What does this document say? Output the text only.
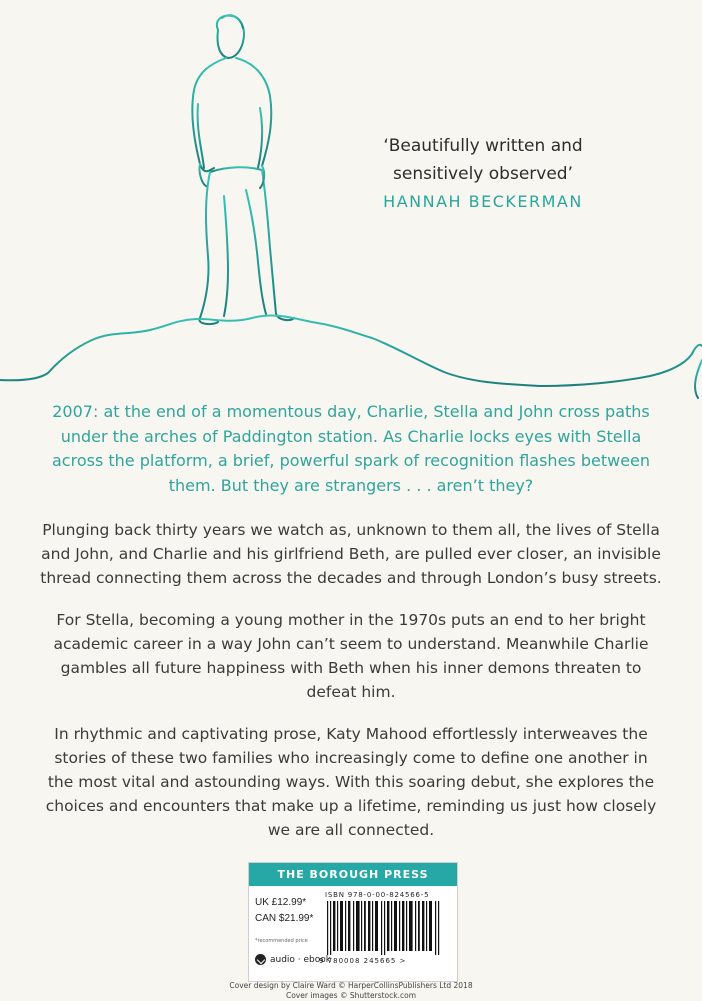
‘Beautifully written and
sensitively observed’
HANNAH BECKERMAN

2007: at the end of a momentous day, Charlie, Stella and John cross paths under the arches of Paddington station. As Charlie locks eyes with Stella across the platform, a brief, powerful spark of recognition flashes between them. But they are strangers . . . aren’t they?

Plunging back thirty years we watch as, unknown to them all, the lives of Stella and John, and Charlie and his girlfriend Beth, are pulled ever closer, an invisible thread connecting them across the decades and through London’s busy streets.

For Stella, becoming a young mother in the 1970s puts an end to her bright academic career in a way John can’t seem to understand. Meanwhile Charlie gambles all future happiness with Beth when his inner demons threaten to defeat him.

In rhythmic and captivating prose, Katy Mahood effortlessly interweaves the stories of these two families who increasingly come to define one another in the most vital and astounding ways. With this soaring debut, she explores the choices and encounters that make up a lifetime, reminding us just how closely we are all connected.

THE BOROUGH PRESS
UK £12.99*
CAN $21.99*
*recommended price
audio · ebook
ISBN 978-0-00-824566-5
9 780008 245665 >
Cover design by Claire Ward © HarperCollinsPublishers Ltd 2018
Cover images © Shutterstock.com
